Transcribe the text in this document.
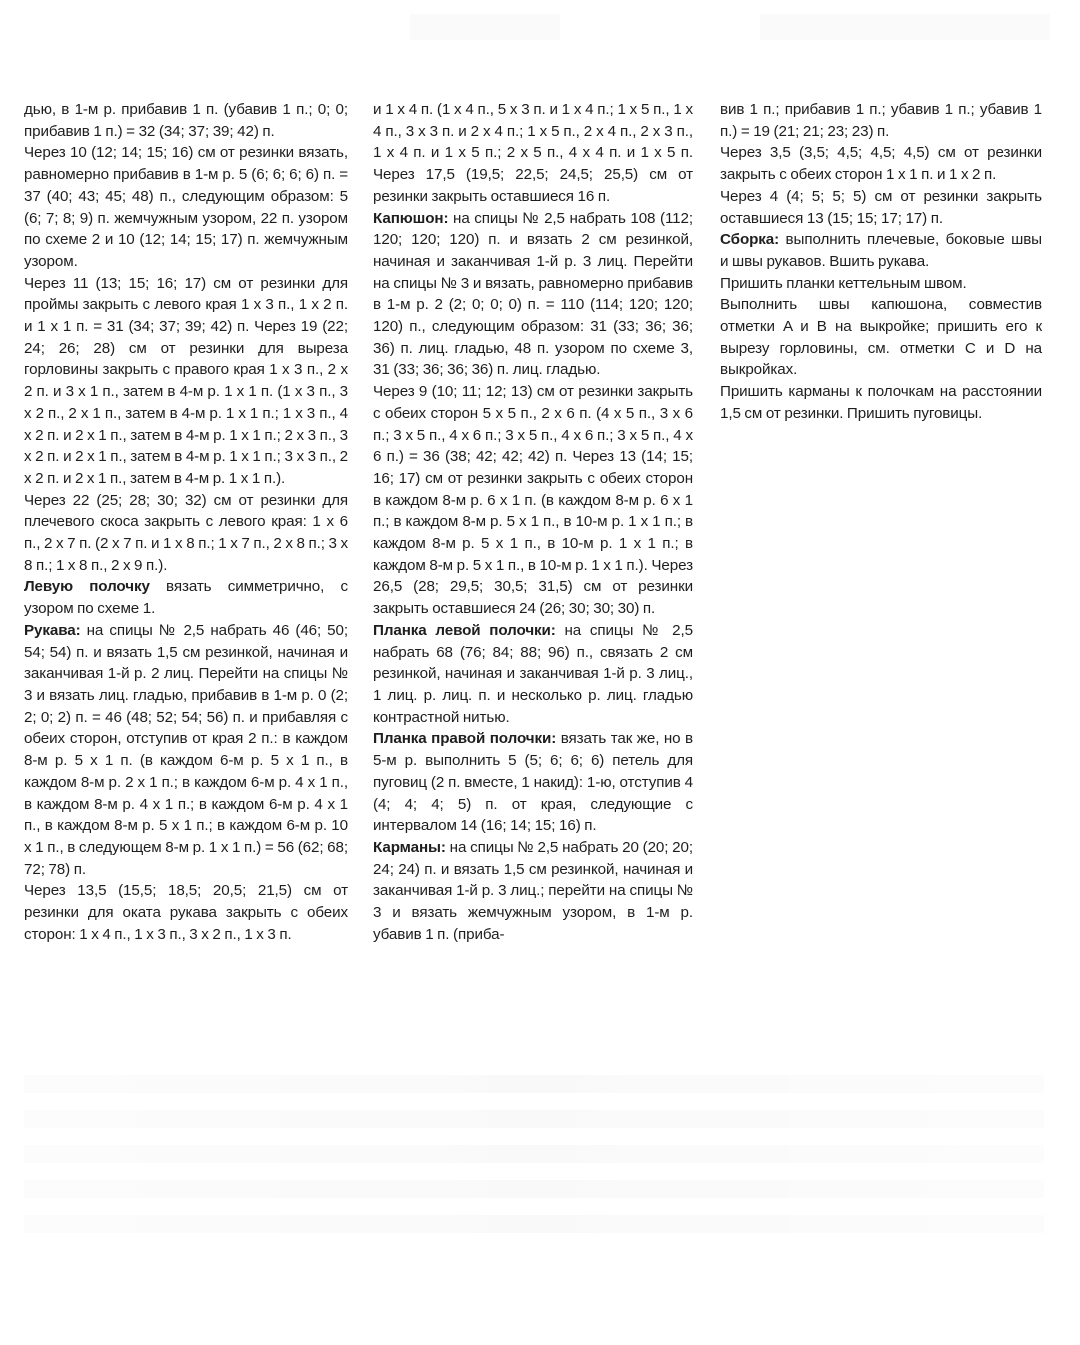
дью, в 1-м р. прибавив 1 п. (убавив 1 п.; 0; 0; прибавив 1 п.) = 32 (34; 37; 39; 42) п.

Через 10 (12; 14; 15; 16) см от резинки вязать, равномерно прибавив в 1-м р. 5 (6; 6; 6; 6) п. = 37 (40; 43; 45; 48) п., следующим образом: 5 (6; 7; 8; 9) п. жемчужным узором, 22 п. узором по схеме 2 и 10 (12; 14; 15; 17) п. жемчужным узором.

Через 11 (13; 15; 16; 17) см от резинки для проймы закрыть с левого края 1 x 3 п., 1 x 2 п. и 1 x 1 п. = 31 (34; 37; 39; 42) п. Через 19 (22; 24; 26; 28) см от резинки для выреза горловины закрыть с правого края 1 x 3 п., 2 x 2 п. и 3 x 1 п., затем в 4-м р. 1 x 1 п. (1 x 3 п., 3 x 2 п., 2 x 1 п., затем в 4-м р. 1 x 1 п.; 1 x 3 п., 4 x 2 п. и 2 x 1 п., затем в 4-м р. 1 x 1 п.; 2 x 3 п., 3 x 2 п. и 2 x 1 п., затем в 4-м р. 1 x 1 п.; 3 x 3 п., 2 x 2 п. и 2 x 1 п., затем в 4-м р. 1 x 1 п.).

Через 22 (25; 28; 30; 32) см от резинки для плечевого скоса закрыть с левого края: 1 x 6 п., 2 x 7 п. (2 x 7 п. и 1 x 8 п.; 1 x 7 п., 2 x 8 п.; 3 x 8 п.; 1 x 8 п., 2 x 9 п.).

Левую полочку вязать симметрично, с узором по схеме 1.

Рукава: на спицы № 2,5 набрать 46 (46; 50; 54; 54) п. и вязать 1,5 см резинкой, начиная и заканчивая 1-й р. 2 лиц. Перейти на спицы № 3 и вязать лиц. гладью, прибавив в 1-м р. 0 (2; 2; 0; 2) п. = 46 (48; 52; 54; 56) п. и прибавляя с обеих сторон, отступив от края 2 п.: в каждом 8-м р. 5 x 1 п. (в каждом 6-м р. 5 x 1 п., в каждом 8-м р. 2 x 1 п.; в каждом 6-м р. 4 x 1 п., в каждом 8-м р. 4 x 1 п.; в каждом 6-м р. 4 x 1 п., в каждом 8-м р. 5 x 1 п.; в каждом 6-м р. 10 x 1 п., в следующем 8-м р. 1 x 1 п.) = 56 (62; 68; 72; 78) п.

Через 13,5 (15,5; 18,5; 20,5; 21,5) см от резинки для оката рукава закрыть с обеих сторон: 1 x 4 п., 1 x 3 п., 3 x 2 п., 1 x 3 п.

и 1 x 4 п. (1 x 4 п., 5 x 3 п. и 1 x 4 п.; 1 x 5 п., 1 x 4 п., 3 x 3 п. и 2 x 4 п.; 1 x 5 п., 2 x 4 п., 2 x 3 п., 1 x 4 п. и 1 x 5 п.; 2 x 5 п., 4 x 4 п. и 1 x 5 п. Через 17,5 (19,5; 22,5; 24,5; 25,5) см от резинки закрыть оставшиеся 16 п.

Капюшон: на спицы № 2,5 набрать 108 (112; 120; 120; 120) п. и вязать 2 см резинкой, начиная и заканчивая 1-й р. 3 лиц. Перейти на спицы № 3 и вязать, равномерно прибавив в 1-м р. 2 (2; 0; 0; 0) п. = 110 (114; 120; 120; 120) п., следующим образом: 31 (33; 36; 36; 36) п. лиц. гладью, 48 п. узором по схеме 3, 31 (33; 36; 36; 36) п. лиц. гладью.

Через 9 (10; 11; 12; 13) см от резинки закрыть с обеих сторон 5 x 5 п., 2 x 6 п. (4 x 5 п., 3 x 6 п.; 3 x 5 п., 4 x 6 п.; 3 x 5 п., 4 x 6 п.; 3 x 5 п., 4 x 6 п.) = 36 (38; 42; 42; 42) п. Через 13 (14; 15; 16; 17) см от резинки закрыть с обеих сторон в каждом 8-м р. 6 x 1 п. (в каждом 8-м р. 6 x 1 п.; в каждом 8-м р. 5 x 1 п., в 10-м р. 1 x 1 п.; в каждом 8-м р. 5 x 1 п., в 10-м р. 1 x 1 п.; в каждом 8-м р. 5 x 1 п., в 10-м р. 1 x 1 п.). Через 26,5 (28; 29,5; 30,5; 31,5) см от резинки закрыть оставшиеся 24 (26; 30; 30; 30) п.

Планка левой полочки: на спицы № 2,5 набрать 68 (76; 84; 88; 96) п., связать 2 см резинкой, начиная и заканчивая 1-й р. 3 лиц., 1 лиц. р. лиц. п. и несколько р. лиц. гладью контрастной нитью.

Планка правой полочки: вязать так же, но в 5-м р. выполнить 5 (5; 6; 6; 6) петель для пуговиц (2 п. вместе, 1 накид): 1-ю, отступив 4 (4; 4; 4; 5) п. от края, следующие с интервалом 14 (16; 14; 15; 16) п.

Карманы: на спицы № 2,5 набрать 20 (20; 20; 24; 24) п. и вязать 1,5 см резинкой, начиная и заканчивая 1-й р. 3 лиц.; перейти на спицы № 3 и вязать жемчужным узором, в 1-м р. убавив 1 п. (приба-

вив 1 п.; прибавив 1 п.; убавив 1 п.; убавив 1 п.) = 19 (21; 21; 23; 23) п.

Через 3,5 (3,5; 4,5; 4,5; 4,5) см от резинки закрыть с обеих сторон 1 x 1 п. и 1 x 2 п.

Через 4 (4; 5; 5; 5) см от резинки закрыть оставшиеся 13 (15; 15; 17; 17) п.

Сборка: выполнить плечевые, боковые швы и швы рукавов. Вшить рукава.

Пришить планки кеттельным швом.

Выполнить швы капюшона, совместив отметки A и B на выкройке; пришить его к вырезу горловины, см. отметки C и D на выкройках.

Пришить карманы к полочкам на расстоянии 1,5 см от резинки. Пришить пуговицы.
